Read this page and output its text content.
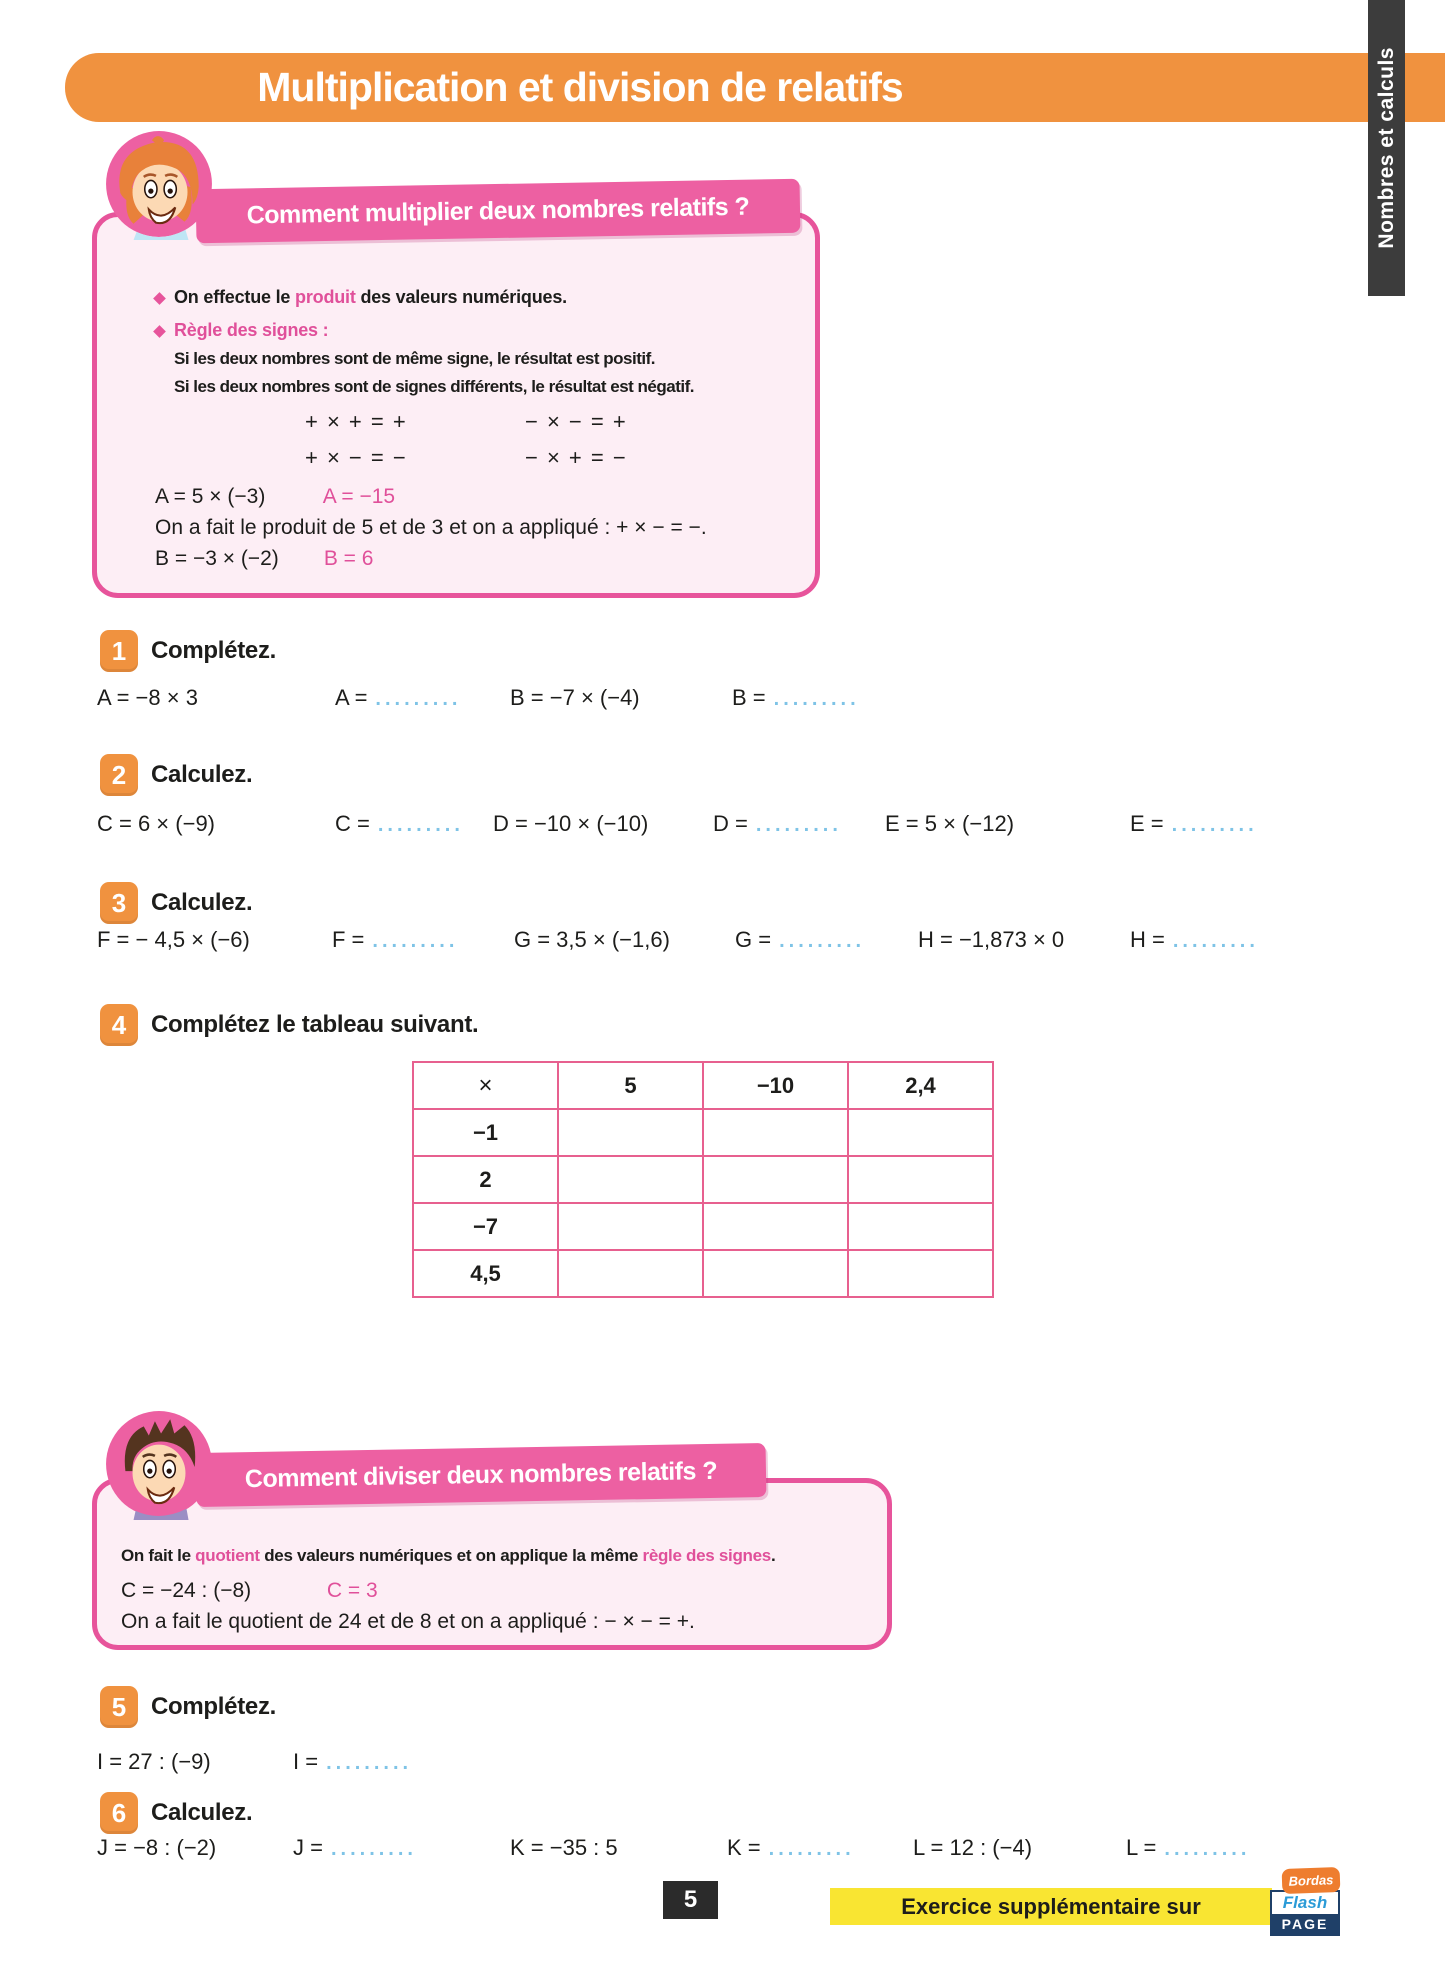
Multiplication et division de relatifs	Nombres et calculs
Comment multiplier deux nombres relatifs ?
On effectue le produit des valeurs numériques.
Règle des signes :
Si les deux nombres sont de même signe, le résultat est positif.
Si les deux nombres sont de signes différents, le résultat est négatif.
+ × + = +	− × − = +
+ × − = −	− × + = −
A = 5 × (−3)	A = −15
On a fait le produit de 5 et de 3 et on a appliqué : + × − = −.
B = −3 × (−2) B = 6
1	Complétez.
A = −8 × 3	A = ......... B = −7 × (−4)	B = .........
2	Calculez.
C = 6 × (−9)	C = ......... D = −10 × (−10)	D = ......... E = 5 × (−12)	E = .........
3	Calculez.
F = − 4,5 × (−6)	F = .........	G = 3,5 × (−1,6)	G = ......... H = −1,873 × 0	H = .........
4	Complétez le tableau suivant.
×	5	−10	2,4
−1			
2			
−7			
4,5			
Comment diviser deux nombres relatifs ?
On fait le quotient des valeurs numériques et on applique la même règle des signes.
C = −24 : (−8)	C = 3
On a fait le quotient de 24 et de 8 et on a appliqué : − × − = +.
5	Complétez.
I = 27 : (−9)	I = .........
6	Calculez.
J = −8 : (−2)	J = .........	K = −35 : 5	K = .........	L = 12 : (−4)	L = .........
5	Exercice supplémentaire sur
Bordas
Flash
PAGE
